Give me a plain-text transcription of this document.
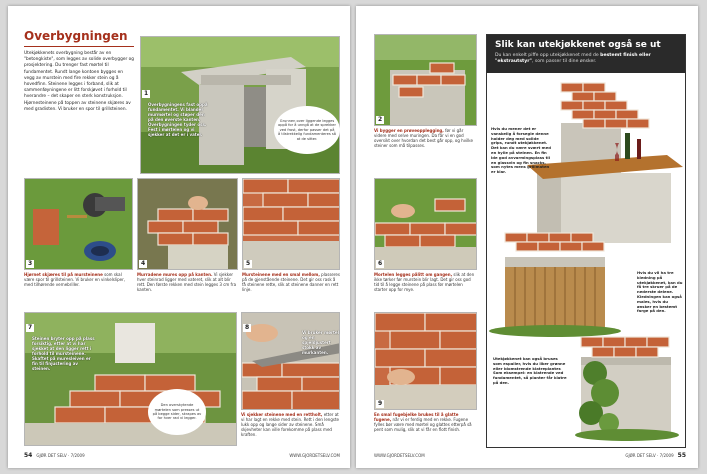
Overbygningen
Utekjøkkenets overbygning består av en "betongkiste", som legges av solide overbygger og prosjektering. Du trenger fast mørtel til fundamentet. Rundt lange kontoen bygges en vegg av murstein med fire rekker stein og å hovedfinn. Steinene legges i forband, slik at sammenføyningene er litt forskjøvet i forhold til hverandre – det skaper en sterk konstruksjon. Hjørnesteinene på toppen av steinene skjæres av med gradisten. Vi bruker en spor til grillsteinen.
1
Overbygningens fast oppå fundamentet. Vi blander murmørtel og støper den på den øverste kanten. Overbygningen tyder oss. Fest i mørtelen og vi sjekker at det er i vater.
Grunnen over liggende legges oppå for å unngå at de sprekker ved frost, derfor passer det på å tilstrekkelig fundamenteres så at de sitter.
3
Hjørnet skjæres til på mursteinene som skal være spor til grillsteinen. Vi bruker en vinkelsliper, med tilhørende vernebriller.
4
Murradene mures opp på kanten. Vi sjekker hver steinrad ligger med vateret, slik at alt blir rett. Den første rekken med stein legges 3 cm fra kanten.
5
Mursteinene med en smal mellom, plasseres på de gjenstående steinene. Det gir oss rask å få steinene rette, slik at steinene danner en rett linje.
7
Steinen bryter opp på plass forsiktig, etter at vi har sjekket at den ligger rett i forhold til mursteinene. Skaftet på muresleiven er fin til finjustering av steinen.
Den overskytende mørtelen som presses ut på begge sider, skrapes av for hver rad vi legger.
8
Vi bruker mørtel og en spjeldjustert stokk av murkanten.
Vi sjekker steinene med en rettholt, etter at vi har lagt en rekke med stein. Rett i den lengste lukk opp og lange sider av steinene. Små skjevheter kan ville forekomme på plass med kraften.
54 GJØR DET SELV · 7/2009	WWW.GJORDETSELV.COM
2
Vi bygger en prøveopplegging, før vi går videre med selve muringen. Da får vi en god oversikt over hvordan det best går opp, og hvilke steiner som må tilpasses.
6
Mortelen legges pålitt om gangen, slik at den ikke tørker før murstein blir lagt. Det gir oss god tid til å legge steinene på plass før mørtelen starter opp for mye.
9
En smal fugebjelke brukes til å glatte fugene, når vi er ferdig med en rekke. Fugene fylles bør være med mørtel og glattes etterpå så pent som mulig, slik at vi får en flott finish.
Slik kan utekjøkkenet også se ut
Du kan enkelt piffe opp utekjøkkenet med de bestemt finish eller "ekstrautstyr", som passer til dine ønsker.
Hvis du mener det er vanskelig å forsegle denne holder deg med solide grips, rundt utekjøkkenet. Det kan du være svært med en hylle på steinen. En fin ide god avvarmingsplass til en glassvin og fin snacks, som nytes mens grillmaten er klar.
Hvis du vil ha tre kledning på utekjøkkenet, kan du få tre skruer på de nederste delene. Kledningen kan også males, hvis du ønsker en bestemt farge på den.
Utekjøkkenet kan også bruses som espalier, hvis du liker grønne eller blomstrende klatreplanter. Som eksempel: en klatrende ved fundamentet, så planter får klatre på den.
WWW.GJORDETSELV.COM	GJØR DET SELV · 7/2009 55
